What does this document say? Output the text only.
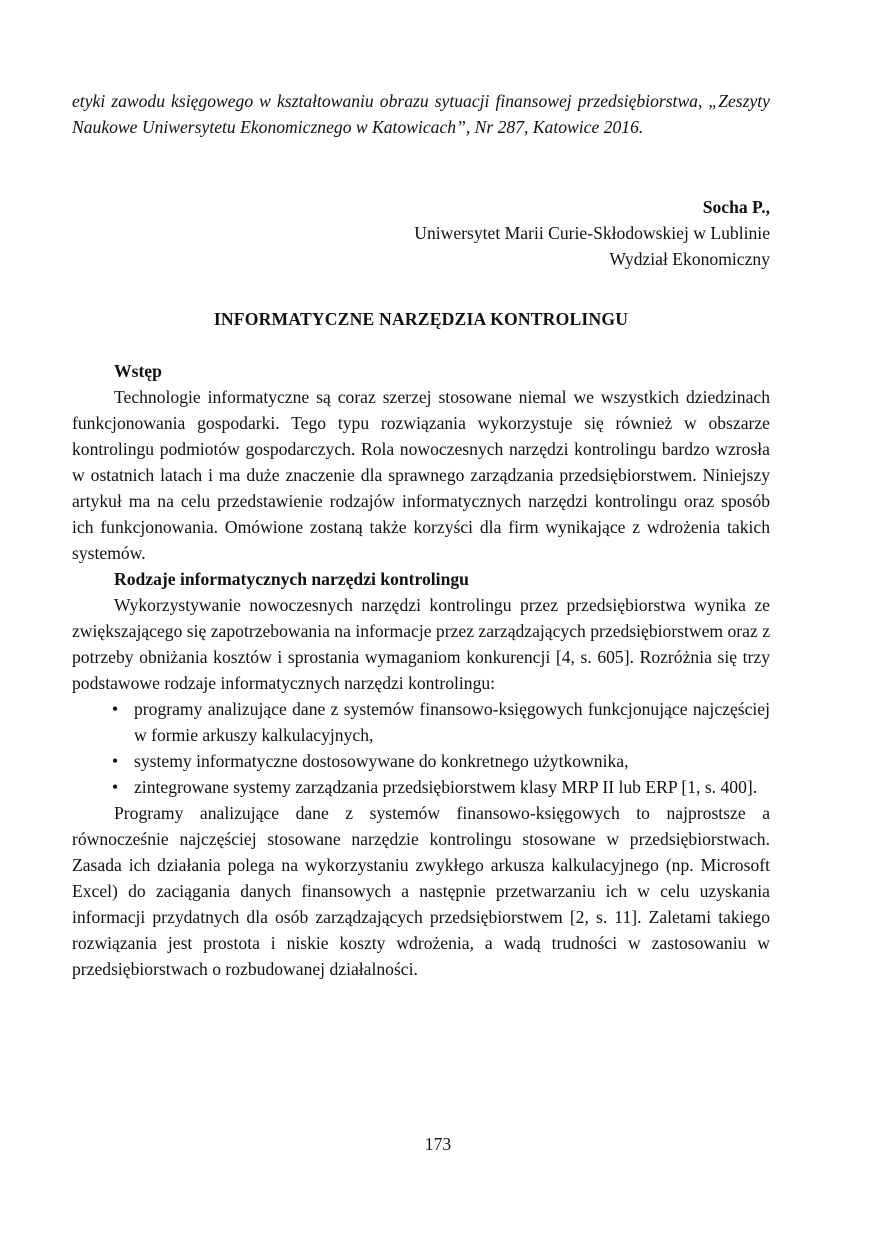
etyki zawodu księgowego w kształtowaniu obrazu sytuacji finansowej przedsiębiorstwa, „Zeszyty Naukowe Uniwersytetu Ekonomicznego w Katowicach”, Nr 287, Katowice 2016.

Socha P.,

Uniwersytet Marii Curie-Skłodowskiej w Lublinie

Wydział Ekonomiczny

INFORMATYCZNE NARZĘDZIA KONTROLINGU
Wstęp

Technologie informatyczne są coraz szerzej stosowane niemal we wszystkich dziedzinach funkcjonowania gospodarki. Tego typu rozwiązania wykorzystuje się również w obszarze kontrolingu podmiotów gospodarczych. Rola nowoczesnych narzędzi kontrolingu bardzo wzrosła w ostatnich latach i ma duże znaczenie dla sprawnego zarządzania przedsiębiorstwem. Niniejszy artykuł ma na celu przedstawienie rodzajów informatycznych narzędzi kontrolingu oraz sposób ich funkcjonowania. Omówione zostaną także korzyści dla firm wynikające z wdrożenia takich systemów.

Rodzaje informatycznych narzędzi kontrolingu

Wykorzystywanie nowoczesnych narzędzi kontrolingu przez przedsiębiorstwa wynika ze zwiększającego się zapotrzebowania na informacje przez zarządzających przedsiębiorstwem oraz z potrzeby obniżania kosztów i sprostania wymaganiom konkurencji [4, s. 605]. Rozróżnia się trzy podstawowe rodzaje informatycznych narzędzi kontrolingu:

• programy analizujące dane z systemów finansowo-księgowych funkcjonujące najczęściej w formie arkuszy kalkulacyjnych,
• systemy informatyczne dostosowywane do konkretnego użytkownika,
• zintegrowane systemy zarządzania przedsiębiorstwem klasy MRP II lub ERP [1, s. 400].

Programy analizujące dane z systemów finansowo-księgowych to najprostsze a równocześnie najczęściej stosowane narzędzie kontrolingu stosowane w przedsiębiorstwach. Zasada ich działania polega na wykorzystaniu zwykłego arkusza kalkulacyjnego (np. Microsoft Excel) do zaciągania danych finansowych a następnie przetwarzaniu ich w celu uzyskania informacji przydatnych dla osób zarządzających przedsiębiorstwem [2, s. 11]. Zaletami takiego rozwiązania jest prostota i niskie koszty wdrożenia, a wadą trudności w zastosowaniu w przedsiębiorstwach o rozbudowanej działalności.

173
